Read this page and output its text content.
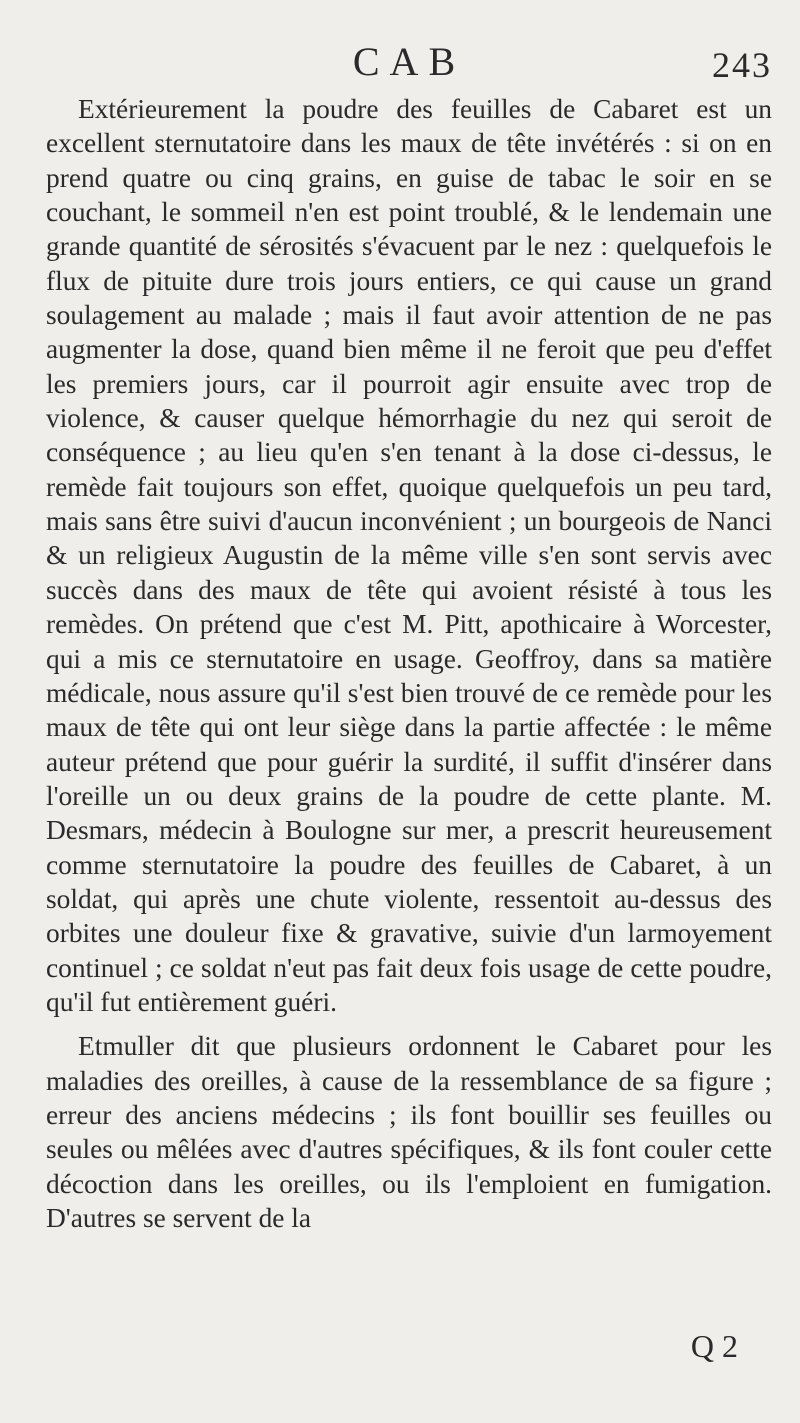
CAB	243

Extérieurement la poudre des feuilles de Cabaret est un excellent sternutatoire dans les maux de tête invétérés : si on en prend quatre ou cinq grains, en guise de tabac le soir en se couchant, le sommeil n'en est point troublé, & le lendemain une grande quantité de sérosités s'évacuent par le nez : quelquefois le flux de pituite dure trois jours entiers, ce qui cause un grand soulagement au malade ; mais il faut avoir attention de ne pas augmenter la dose, quand bien même il ne feroit que peu d'effet les premiers jours, car il pourroit agir ensuite avec trop de violence, & causer quelque hémorrhagie du nez qui seroit de conséquence ; au lieu qu'en s'en tenant à la dose ci-dessus, le remède fait toujours son effet, quoique quelquefois un peu tard, mais sans être suivi d'aucun inconvénient ; un bourgeois de Nanci & un religieux Augustin de la même ville s'en sont servis avec succès dans des maux de tête qui avoient résisté à tous les remèdes. On prétend que c'est M. Pitt, apothicaire à Worcester, qui a mis ce sternutatoire en usage. Geoffroy, dans sa matière médicale, nous assure qu'il s'est bien trouvé de ce remède pour les maux de tête qui ont leur siège dans la partie affectée : le même auteur prétend que pour guérir la surdité, il suffit d'insérer dans l'oreille un ou deux grains de la poudre de cette plante. M. Desmars, médecin à Boulogne sur mer, a prescrit heureusement comme sternutatoire la poudre des feuilles de Cabaret, à un soldat, qui après une chute violente, ressentoit au-dessus des orbites une douleur fixe & gravative, suivie d'un larmoyement continuel ; ce soldat n'eut pas fait deux fois usage de cette poudre, qu'il fut entièrement guéri.

Etmuller dit que plusieurs ordonnent le Cabaret pour les maladies des oreilles, à cause de la ressemblance de sa figure ; erreur des anciens médecins ; ils font bouillir ses feuilles ou seules ou mêlées avec d'autres spécifiques, & ils font couler cette décoction dans les oreilles, ou ils l'emploient en fumigation. D'autres se servent de la

Q 2
